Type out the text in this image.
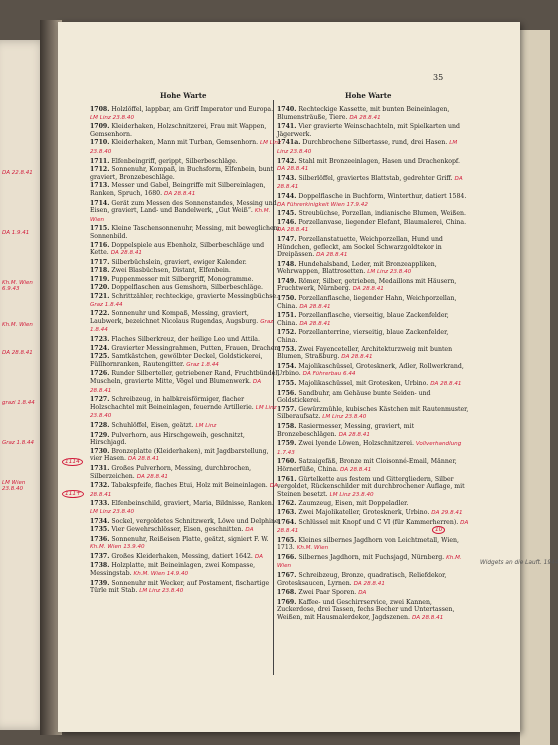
DA 22.8.41
DA 1.9.41
Kh.M. Wien 6.9.43
Kh.M. Wien
DA 28.8.41
grazi 1.8.44
Graz 1.8.44
LM Wien 23.8.40
35
Hohe Warte	Hohe Warte
1708. Holzlöffel, lappbar, am Griff Imperator und Europa. LM Linz 23.8.40
1709. Kleiderhaken, Holzschnitzerei, Frau mit Wappen, Gemsenhorn.
1710. Kleiderhaken, Mann mit Turban, Gemsenhorn. LM Linz 23.8.40
1711. Elfenbeingriff, gerippt, Silberbeschläge.
1712. Sonnenuhr, Kompaß, in Buchsform, Elfenbein, bunt graviert, Bronzebeschläge.
1713. Messer und Gabel, Beingriffe mit Silbereinlagen, Ranken, Spruch, 1680. DA 28.8.41
1714. Gerät zum Messen des Sonnenstandes, Messing und Eisen, graviert, Land- und Bandelwerk, „Gut Weiß“. Kh.M. Wien
1715. Kleine Taschensonnenuhr, Messing, mit beweglichem Sonnenbild.
1716. Doppelspiele aus Ebenholz, Silberbeschläge und Kette. DA 28.8.41
1717. Silberbüchslein, graviert, ewiger Kalender.
1718. Zwei Blasbüchsen, Distant, Elfenbein.
1719. Puppenmesser mit Silbergriff, Monogramme.
1720. Doppelflaschen aus Gemshorn, Silberbeschläge.
1721. Schrittzähler, rechteckige, gravierte Messingbüchse. Graz 1.8.44
1722. Sonnenuhr und Kompaß, Messing, graviert, Laubwerk, bezeichnet Nicolaus Rugendas, Augsburg. Graz 1.8.44
1723. Flaches Silberkreuz, der heilige Leo und Attila.
1724. Gravierter Messingrahmen, Putten, Frauen, Drachen.
1725. Samtkästchen, gewölbter Deckel, Goldstickerei, Füllhornranken, Rautengitter. Graz 1.8.44
1726. Runder Silberteller, getriebener Rand, Fruchtbündel, Muscheln, gravierte Mitte, Vögel und Blumenwerk. DA 28.8.41
1727. Schreibzeug, in halbkreisförmiger, flacher Holzschachtel mit Beineinlagen, feuernde Artillerie. LM Linz 23.8.40
1728. Schuhlöffel, Eisen, geätzt. LM Linz
1729. Pulverhorn, aus Hirschgeweih, geschnitzt, Hirschjagd.
1730. Bronzeplatte (Kleiderhaken), mit Jagdbarstellung, vier Hasen. DA 28.8.41
1731. Großes Pulverhorn, Messing, durchbrochen, Silberzeichen. DA 28.8.41
1732. Tabakspfeife, flaches Etui, Holz mit Beineinlagen. DA 28.8.41
1733. Elfenbeinschild, graviert, Maria, Bildnisse, Ranken. LM Linz 23.8.40
1734. Sockel, vergoldetes Schnitzwerk, Löwe und Delphine.
1735. Vier Gewehrschlösser, Eisen, geschnitten. DA
1736. Sonnenuhr, Reißeisen Platte, geätzt, signiert F. W. Kh.M. Wien 13.9.40
1737. Großes Kleiderhaken, Messing, datiert 1642. DA
1738. Holzplatte, mit Beineinlagen, zwei Kompasse, Messingstab. Kh.M. Wien 14.9.40
1739. Sonnenuhr mit Wecker, auf Postament, fischartige Türle mit Stab. LM Linz 23.8.40
1740. Rechteckige Kassette, mit bunten Beineinlagen, Blumensträuße, Tiere. DA 28.8.41
1741. Vier gravierte Weinschachteln, mit Spielkarten und Jägerwerk.
1741a. Durchbrochene Silbertasse, rund, drei Hasen. LM Linz 23.8.40
1742. Stahl mit Bronzeeinlagen, Hasen und Drachenkopf. DA 28.8.41
1743. Silberlöffel, graviertes Blattstab, gedrehter Griff. DA 28.8.41
1744. Doppelflasche in Buchform, Winterthur, datiert 1584. DA Führerkinigkeit Wien 17.9.42
1745. Streubüchse, Porzellan, indianische Blumen, Weißen.
1746. Porzellanvase, liegender Elefant, Blaumalerei, China. DA 28.8.41
1747. Porzellanstatuette, Weichporzellan, Hund und Hündchen, gefleckt, am Sockel Schwarzgoldtekor in Dreipässen. DA 28.8.41
1748. Hundehalsband, Leder, mit Bronzeappliken, Wehrwappen, Blattrosetten. LM Linz 23.8.40
1749. Römer, Silber, getrieben, Medaillons mit Häusern, Fruchtwerk, Nürnberg. DA 28.8.41
1750. Porzellanflasche, liegender Hahn, Weichporzellan, China. DA 28.8.41
1751. Porzellanflasche, vierseitig, blaue Zackenfelder, China. DA 28.8.41
1752. Porzellanterrine, vierseitig, blaue Zackenfelder, China.
1753. Zwei Fayenceteller, Architekturzweig mit bunten Blumen, Straßburg. DA 28.8.41
1754. Majolikaschüssel, Grotesknerk, Adler, Rollwerkrand, Urbino. DA Führerbau 6.44
1755. Majolikaschüssel, mit Grotesken, Urbino. DA 28.8.41
1756. Sandbuhr, am Gehäuse bunte Seiden- und Goldstickerei.
1757. Gewürzmühle, kubisches Kästchen mit Rautenmuster, Silberaufsatz. LM Linz 23.8.40
1758. Rasiermesser, Messing, graviert, mit Bronzebeschlägen. DA 28.8.41
1759. Zwei lyende Löwen, Holzschnitzerei. Vollverhandlung 1.7.43
1760. Satzaigefäß, Bronze mit Cloisonné-Email, Männer, Hörnerfüße, China. DA 28.8.41
1761. Gürtelkette aus festem und Gittergliedern, Silber vergoldet, Rückenschilder mit durchbrochener Auflage, mit Steinen besetzt. LM Linz 23.8.40
1762. Zaumzeug, Eisen, mit Doppeladler.
1763. Zwei Majolikateller, Grotesknerk, Urbino. DA 29.8.41
1764. Schlüssel mit Knopf und C VI (für Kammerherren). DA 28.8.41
1765. Kleines silbernes Jagdhorn von Leichtmetall, Wien, 1713. Kh.M. Wien
1766. Silbernes Jagdhorn, mit Fuchsjagd, Nürnberg. Kh.M. Wien
1767. Schreibzeug, Bronze, quadratisch, Reliefdekor, Grotesksaucen, Lyrnen. DA 28.8.41
1768. Zwei Paar Sporen. DA
1769. Kaffee- und Geschirrservice, zwei Kannen, Zuckerdose, drei Tassen, fechs Becher und Untertassen, Weißen, mit Hausmalerdekor, Jagdszenen. DA 28.8.41
Widgets an die Lauft. 1944
1114
111+
10
